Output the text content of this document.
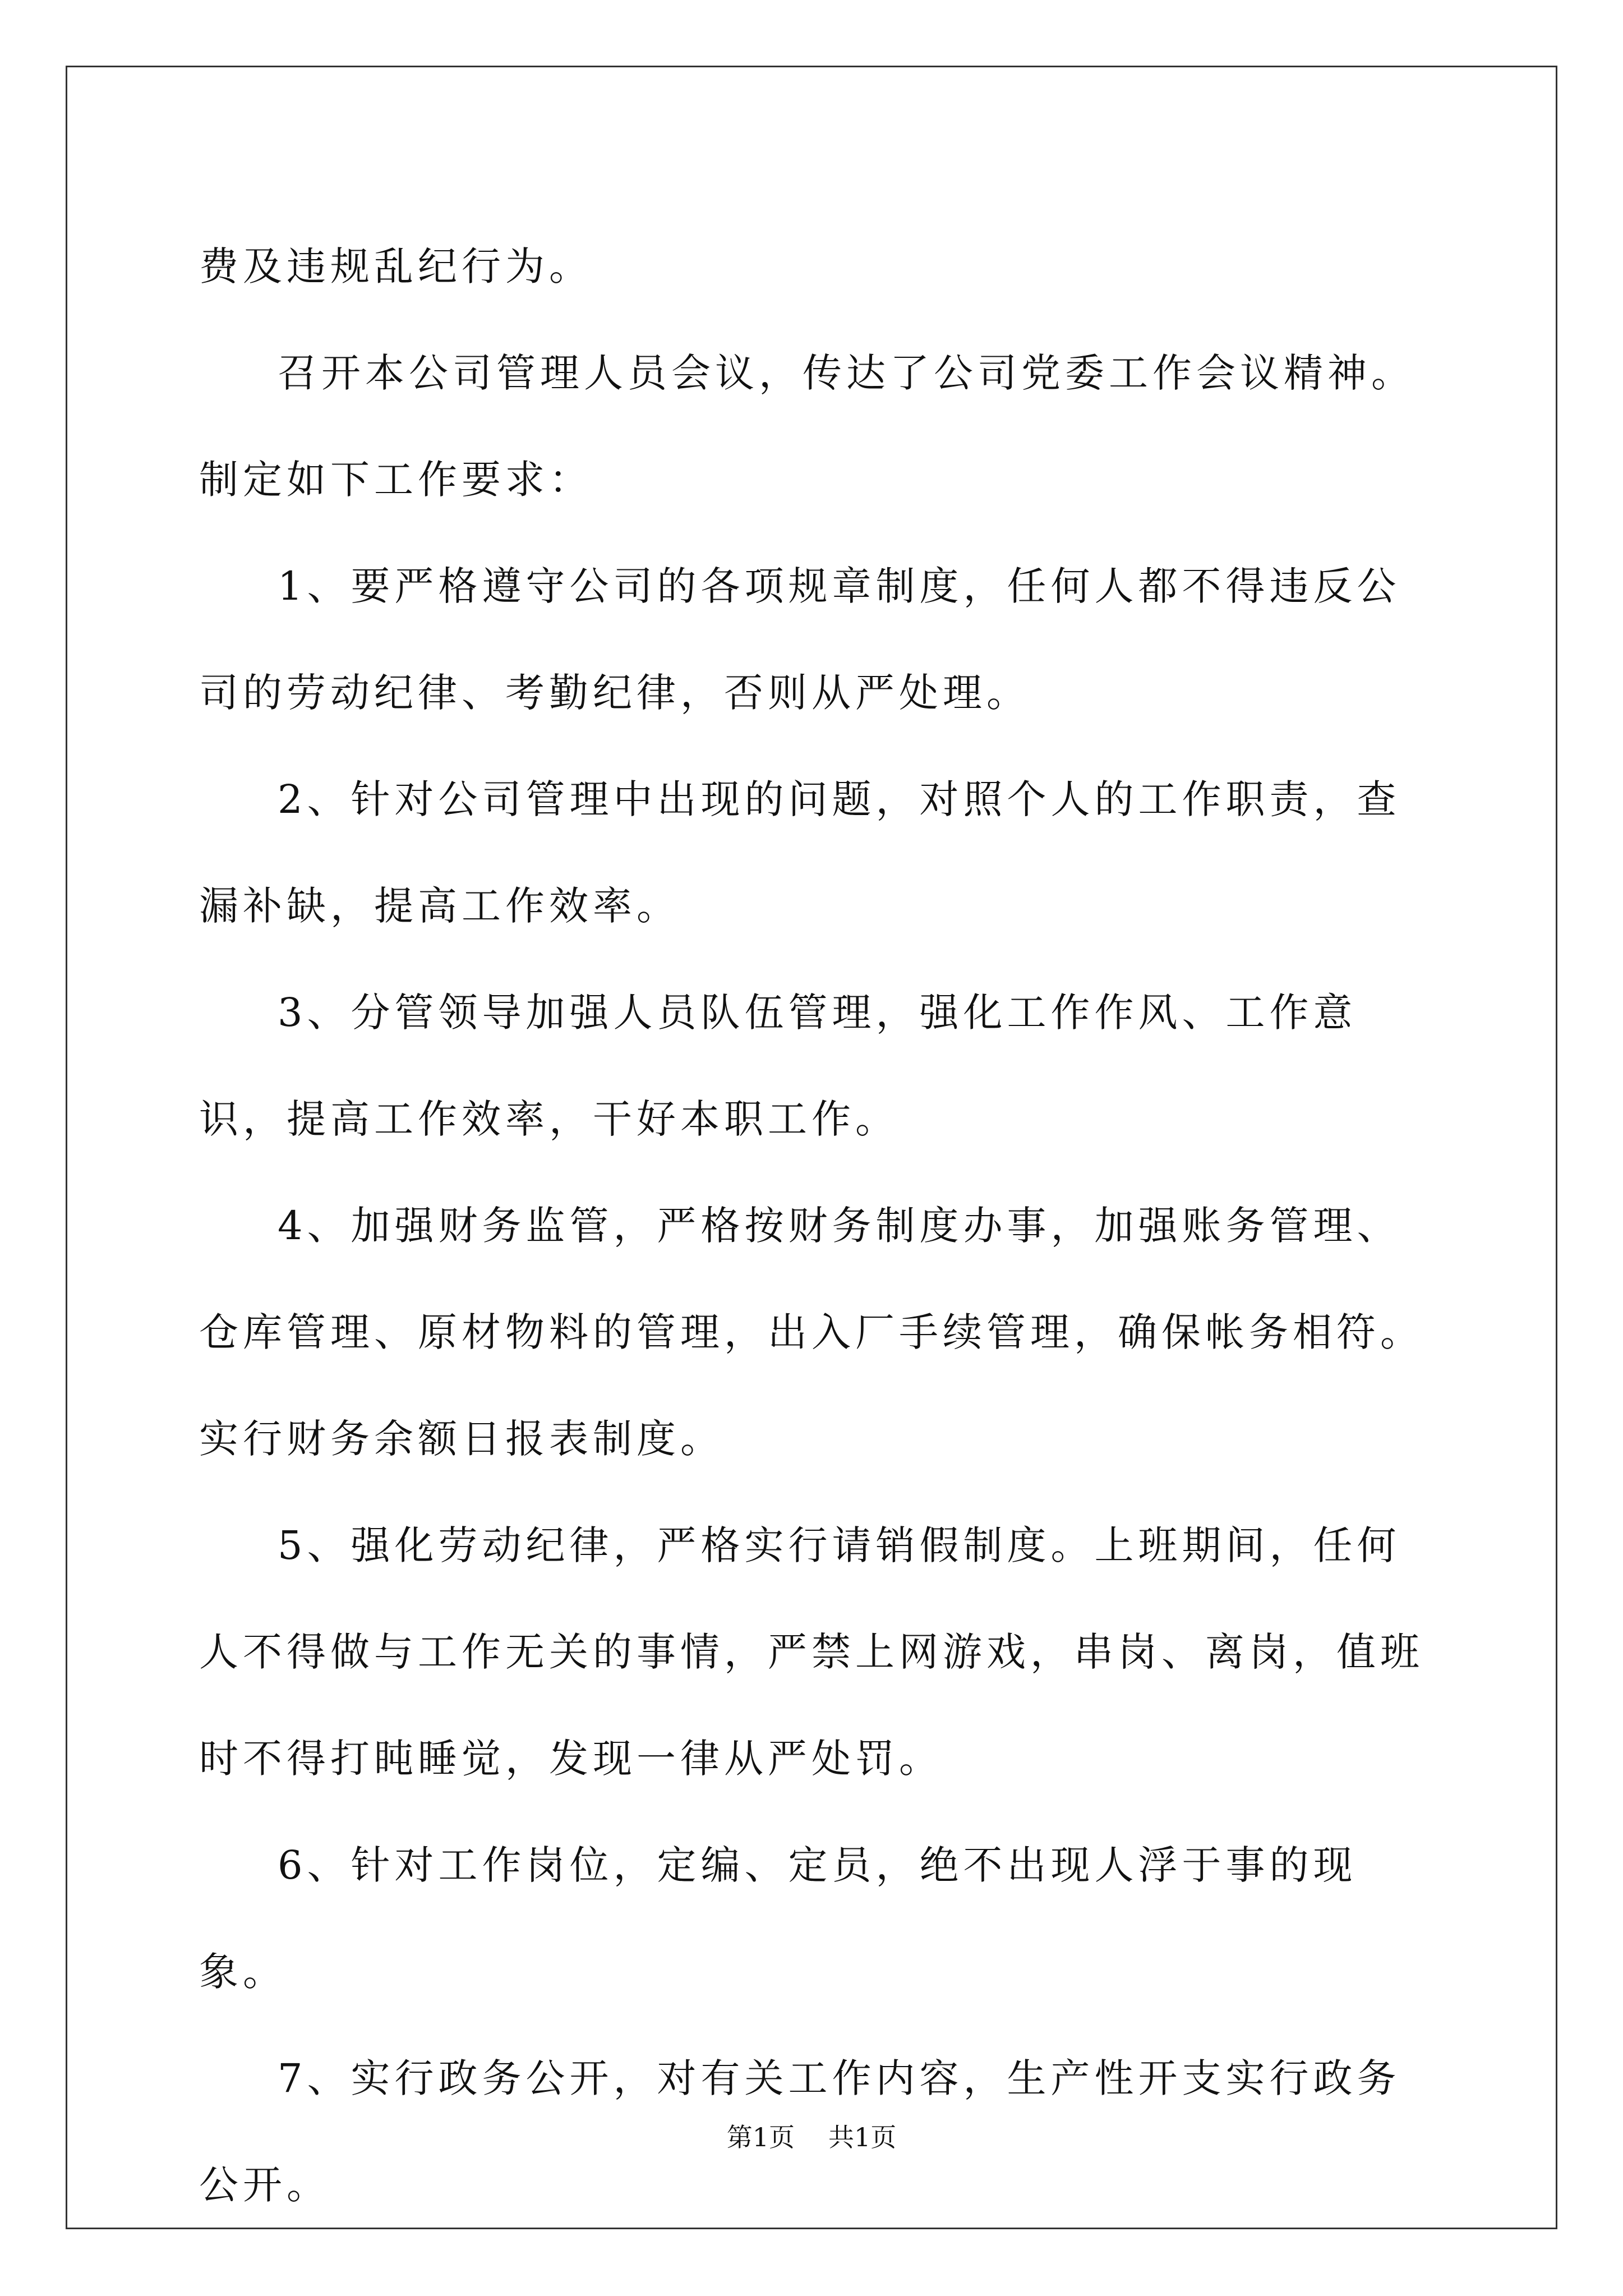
费及违规乱纪行为。

召开本公司管理人员会议，传达了公司党委工作会议精神。制定如下工作要求：

1、要严格遵守公司的各项规章制度，任何人都不得违反公司的劳动纪律、考勤纪律，否则从严处理。

2、针对公司管理中出现的问题，对照个人的工作职责，查漏补缺，提高工作效率。

3、分管领导加强人员队伍管理，强化工作作风、工作意识，提高工作效率，干好本职工作。

4、加强财务监管，严格按财务制度办事，加强账务管理、仓库管理、原材物料的管理，出入厂手续管理，确保帐务相符。实行财务余额日报表制度。

5、强化劳动纪律，严格实行请销假制度。上班期间，任何人不得做与工作无关的事情，严禁上网游戏，串岗、离岗，值班时不得打盹睡觉，发现一律从严处罚。

6、针对工作岗位，定编、定员，绝不出现人浮于事的现象。

7、实行政务公开，对有关工作内容，生产性开支实行政务公开。

第1页 共1页
